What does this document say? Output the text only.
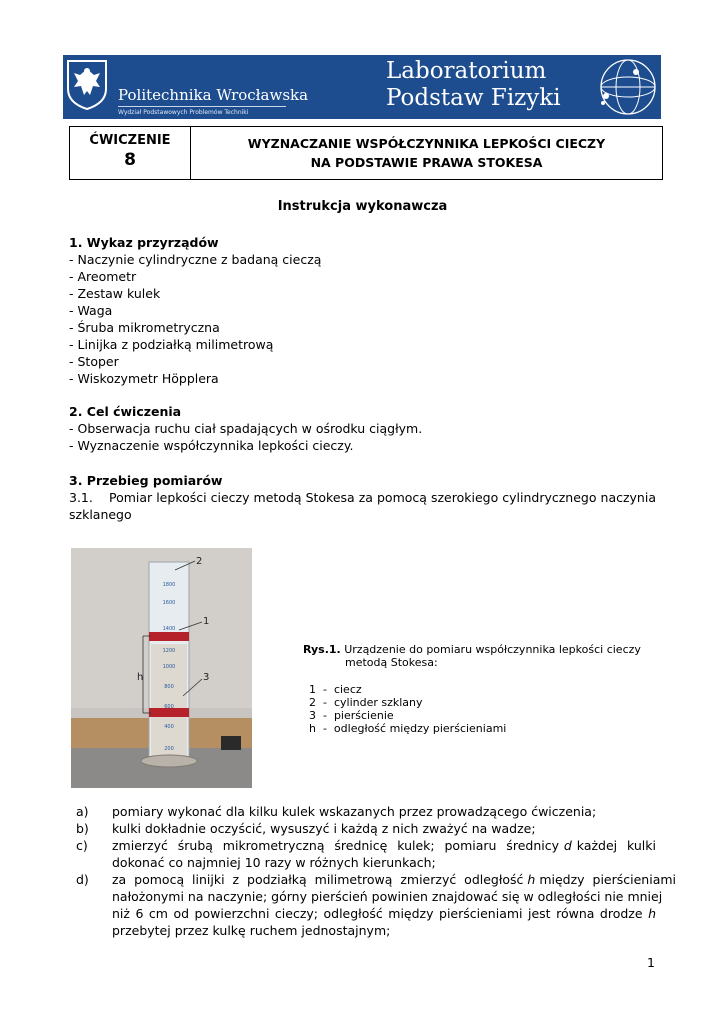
Politechnika Wrocławska
Wydział Podstawowych Problemów Techniki
Laboratorium
Podstaw Fizyki
ĆWICZENIE
8
WYZNACZANIE WSPÓŁCZYNNIKA LEPKOŚCI CIECZY
NA PODSTAWIE PRAWA STOKESA
Instrukcja wykonawcza
1. Wykaz przyrządów
- Naczynie cylindryczne z badaną cieczą
- Areometr
- Zestaw kulek
- Waga
- Śruba mikrometryczna
- Linijka z podziałką milimetrową
- Stoper
- Wiskozymetr Höpplera
2. Cel ćwiczenia
- Obserwacja ruchu ciał spadających w ośrodku ciągłym.
- Wyznaczenie współczynnika lepkości cieczy.
3. Przebieg pomiarów
3.1.    Pomiar lepkości cieczy metodą Stokesa za pomocą szerokiego cylindrycznego naczynia
szklanego
1800
1600
1400
1200
1000
800
600
400
200
2
1
3
h
Rys.1. Urządzenie do pomiaru współczynnika lepkości cieczy
metodą Stokesa:
1  -  ciecz
2  -  cylinder szklany
3  -  pierścienie
h  -  odległość między pierścieniami
a) pomiary wykonać dla kilku kulek wskazanych przez prowadzącego ćwiczenia;
b) kulki dokładnie oczyścić, wysuszyć i każdą z nich zważyć na wadze;
c) zmierzyć  śrubą  mikrometryczną  średnicę  kulek;  pomiaru  średnicy d każdej  kulki
dokonać co najmniej 10 razy w różnych kierunkach;
d) za  pomocą  linijki  z  podziałką  milimetrową  zmierzyć  odległość h między  pierścieniami
nałożonymi na naczynie; górny pierścień powinien znajdować się w odległości nie mniej
niż 6 cm od powierzchni cieczy; odległość między pierścieniami jest równa drodze h
przebytej przez kulkę ruchem jednostajnym;
1
